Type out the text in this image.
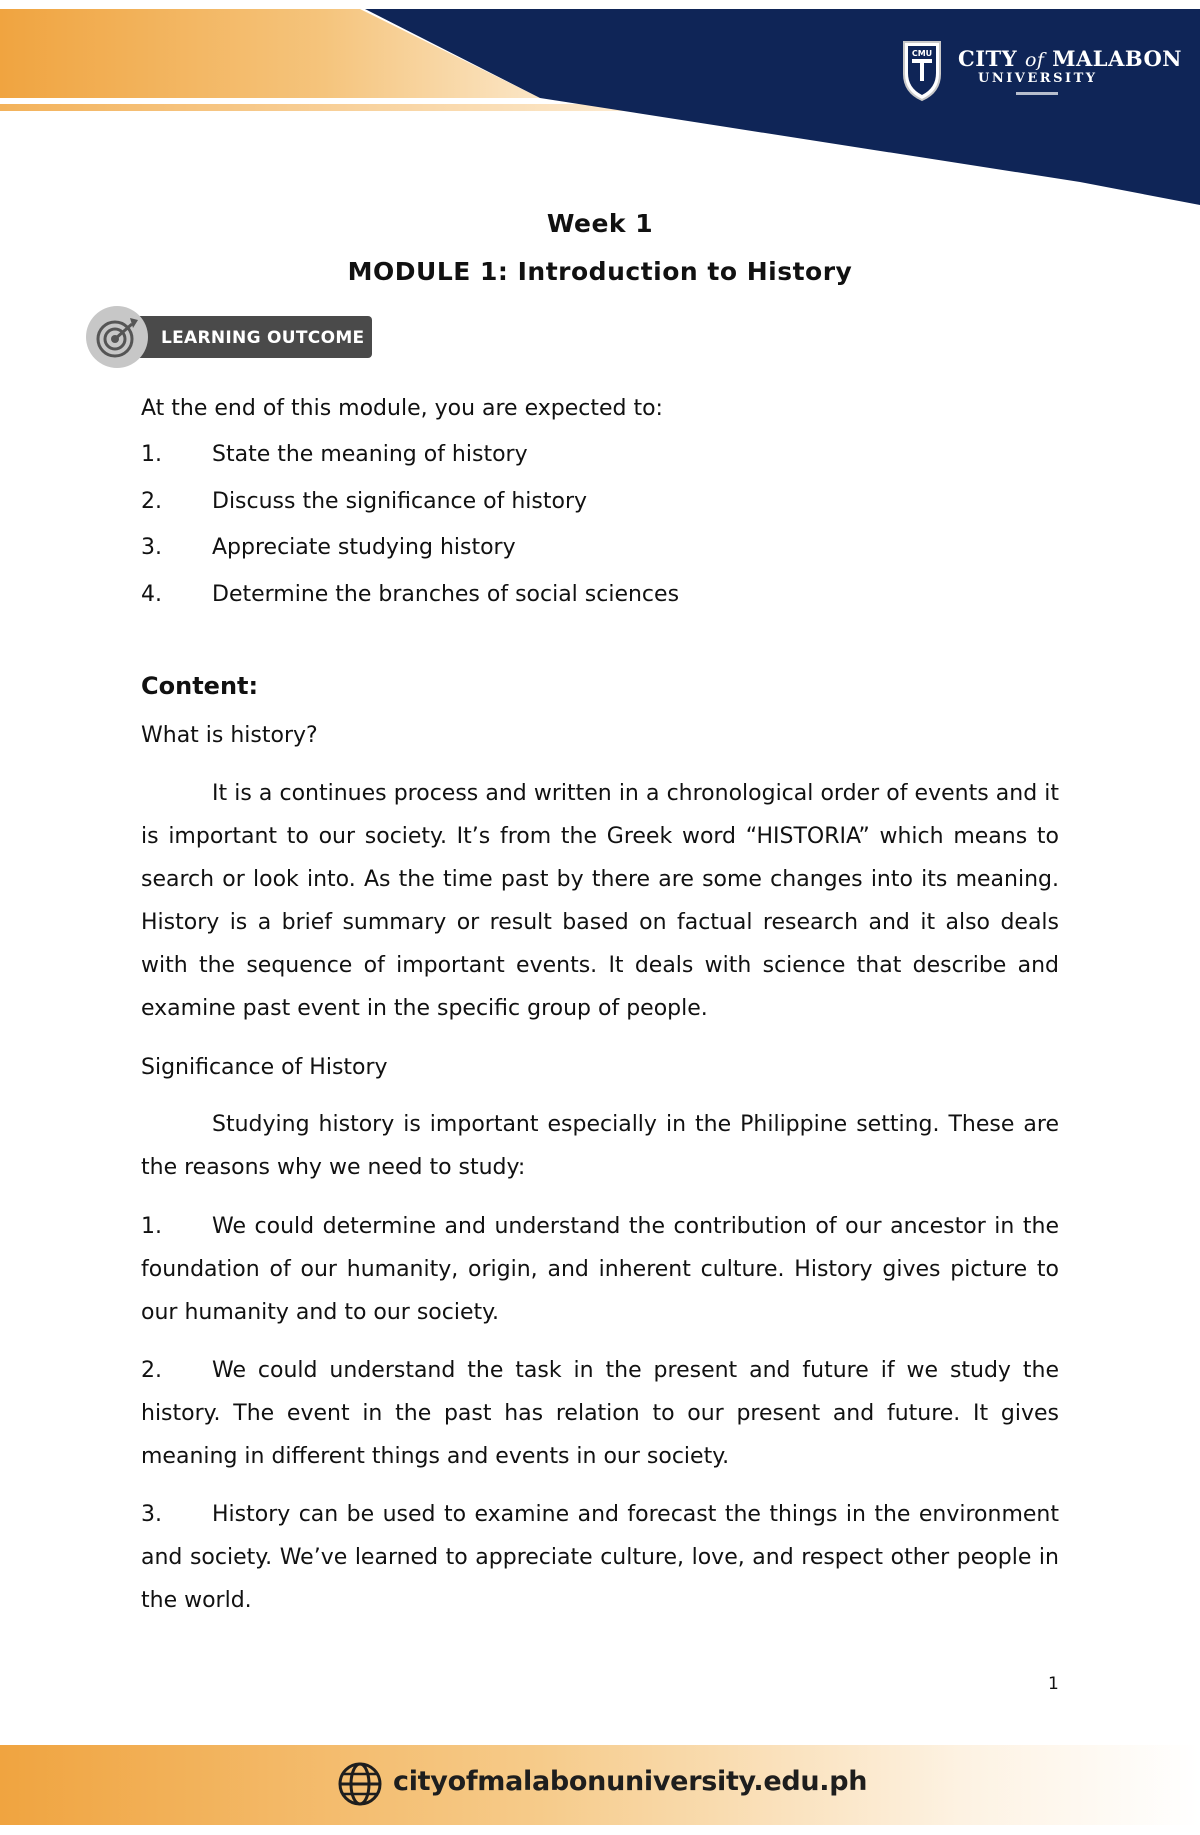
CMU CITY of MALABON
UNIVERSITY
Week 1
MODULE 1: Introduction to History
LEARNING OUTCOME
At the end of this module, you are expected to:
1. State the meaning of history
2. Discuss the significance of history
3. Appreciate studying history
4. Determine the branches of social sciences
Content:
What is history?
It is a continues process and written in a chronological order of events and it is important to our society. It’s from the Greek word “HISTORIA” which means to search or look into. As the time past by there are some changes into its meaning. History is a brief summary or result based on factual research and it also deals with the sequence of important events. It deals with science that describe and examine past event in the specific group of people.
Significance of History
Studying history is important especially in the Philippine setting. These are the reasons why we need to study:
1. We could determine and understand the contribution of our ancestor in the foundation of our humanity, origin, and inherent culture. History gives picture to our humanity and to our society.
2. We could understand the task in the present and future if we study the history. The event in the past has relation to our present and future. It gives meaning in different things and events in our society.
3. History can be used to examine and forecast the things in the environment and society. We’ve learned to appreciate culture, love, and respect other people in the world.
1
cityofmalabonuniversity.edu.ph
